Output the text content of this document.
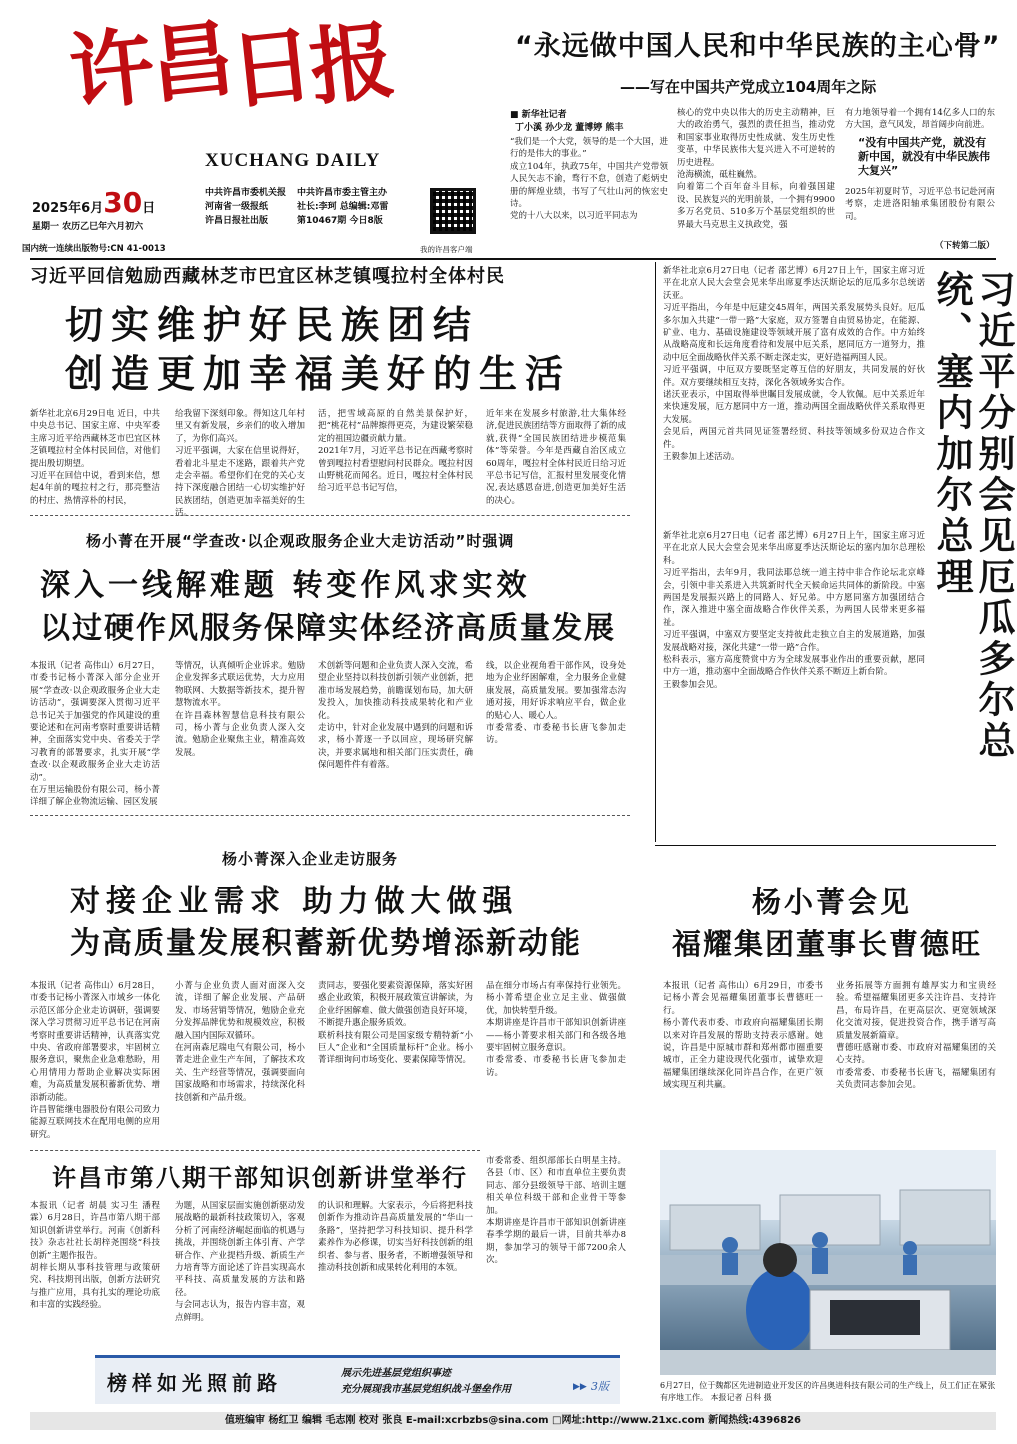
许
昌
日
报
XUCHANG DAILY
2025年6月30日
星期一 农历乙巳年六月初六
国内统一连续出版物号:CN 41-0013
中共许昌市委机关报
河南省一级报纸
许昌日报社出版
中共许昌市委主管主办
社长:李珂 总编辑:邓雷
第10467期 今日8版
我的许昌客户端
“永远做中国人民和中华民族的主心骨”
——写在中国共产党成立104周年之际
■ 新华社记者
丁小溪 孙少龙 董博婷 熊丰
“我们是一个大党，领导的是一个大国，进行的是伟大的事业。”
成立104年，执政75年，中国共产党带领人民矢志不渝，骛行不怠，创造了彪炳史册的辉煌业绩，书写了气壮山河的恢宏史诗。
党的十八大以来，以习近平同志为
核心的党中央以伟大的历史主动精神，巨大的政治勇气，强烈的责任担当，推动党和国家事业取得历史性成就、发生历史性变革，中华民族伟大复兴进入不可逆转的历史进程。
沧海横流，砥柱巍然。
向着第二个百年奋斗目标，向着强国建设、民族复兴的光明前景，一个拥有9900多万名党员、510多万个基层党组织的世界最大马克思主义执政党，强
有力地领导着一个拥有14亿多人口的东方大国，意气风发，昂首阔步向前进。
“没有中国共产党，就没有新中国，就没有中华民族伟大复兴”
2025年初夏时节，习近平总书记赴河南考察，走进洛阳轴承集团股份有限公司。
（下转第二版）
习近平回信勉励西藏林芝市巴宜区林芝镇嘎拉村全体村民
切实维护好民族团结
创造更加幸福美好的生活
新华社北京6月29日电 近日，中共中央总书记、国家主席、中央军委主席习近平给西藏林芝市巴宜区林芝镇嘎拉村全体村民回信，对他们提出殷切期望。
习近平在回信中说，看到来信，想起4年前的嘎拉村之行，那亮整洁的村庄、热情淳朴的村民，
给我留下深刻印象。得知这几年村里又有新发展，乡亲们的收入增加了，为你们高兴。
习近平强调，大家在信里说得好，看着北斗星走不迷路，跟着共产党走会幸福。希望你们在党的关心支持下深度融合团结一心切实维护好民族团结，创造更加幸福美好的生活。
活，把雪域高原的自然美景保护好，把“桃花村”品牌擦得更亮，为建设繁荣稳定的祖国边疆贡献力量。
2021年7月，习近平总书记在西藏考察时曾到嘎拉村看望慰问村民群众。嘎拉村因山野桃花而闻名。近日，嘎拉村全体村民给习近平总书记写信，
近年来在发展乡村旅游,壮大集体经济,促进民族团结等方面取得了新的成就,获得“全国民族团结进步模范集体”等荣誉。今年是西藏自治区成立60周年，嘎拉村全体村民近日给习近平总书记写信，汇报村里发展变化情况,表达感恩奋进,创造更加美好生活的决心。
杨小菁在开展“学查改·以企观政服务企业大走访活动”时强调
深入一线解难题 转变作风求实效
以过硬作风服务保障实体经济高质量发展
本报讯（记者 高伟山）6月27日，市委书记杨小菁深入部分企业开展“学查改·以企观政服务企业大走访活动”，强调要深入贯彻习近平总书记关于加强党的作风建设的重要论述和在河南考察时重要讲话精神，全面落实党中央、省委关于学习教育的部署要求，扎实开展“学查改·以企观政服务企业大走访活动”。
在万里运输股份有限公司，杨小菁详细了解企业物流运输、园区发展
等情况，认真倾听企业诉求。勉励企业发挥多式联运优势，大力应用物联网、大数据等新技术，提升智慧物流水平。
在许昌森林智慧信息科技有限公司，杨小菁与企业负责人深入交流。勉励企业聚焦主业，精准高效发展。
术创新等问题和企业负责人深入交流，希望企业坚持以科技创新引领产业创新，把准市场发展趋势，前瞻谋划布局，加大研发投入，加快推动科技成果转化和产业化。
走访中，针对企业发展中遇到的问题和诉求，杨小菁逐一予以回应，现场研究解决，并要求属地和相关部门压实责任，确保问题件件有着落。
线，以企业视角看干部作风，设身处地为企业纾困解难，全力服务企业健康发展，高质量发展。要加强常态沟通对接，用好诉求响应平台，做企业的贴心人、暖心人。
市委常委、市委秘书长唐飞参加走访。
新华社北京6月27日电（记者 邵艺博）6月27日上午，国家主席习近平在北京人民大会堂会见来华出席夏季达沃斯论坛的厄瓜多尔总统诺沃亚。
习近平指出，今年是中厄建交45周年，两国关系发展势头良好。厄瓜多尔加入共建“一带一路”大家庭，双方签署自由贸易协定，在能源、矿业、电力、基础设施建设等领域开展了富有成效的合作。中方始终从战略高度和长远角度看待和发展中厄关系，愿同厄方一道努力，推动中厄全面战略伙伴关系不断走深走实，更好造福两国人民。
习近平强调，中厄双方要既坚定尊互信的好朋友，共同发展的好伙伴。双方要继续相互支持，深化各领域务实合作。
诺沃亚表示，中国取得举世瞩目发展成就，令人钦佩。厄中关系近年来快速发展，厄方愿同中方一道，推动两国全面战略伙伴关系取得更大发展。
会见后，两国元首共同见证签署经贸、科技等领域多份双边合作文件。
王毅参加上述活动。
新华社北京6月27日电（记者 邵艺博）6月27日上午，国家主席习近平在北京人民大会堂会见来华出席夏季达沃斯论坛的塞内加尔总理松科。
习近平指出，去年9月，我同法耶总统一道主持中非合作论坛北京峰会，引领中非关系进入共筑新时代全天候命运共同体的新阶段。中塞两国是发展振兴路上的同路人、好兄弟。中方愿同塞方加强团结合作，深入推进中塞全面战略合作伙伴关系，为两国人民带来更多福祉。
习近平强调，中塞双方要坚定支持彼此走独立自主的发展道路，加强发展战略对接，深化共建“一带一路”合作。
松科表示，塞方高度赞赏中方为全球发展事业作出的重要贡献，愿同中方一道，推动塞中全面战略合作伙伴关系不断迈上新台阶。
王毅参加会见。	习近平分别会见厄瓜多尔总统、塞内加尔总理
杨小菁深入企业走访服务
对接企业需求 助力做大做强
为高质量发展积蓄新优势增添新动能
本报讯（记者 高伟山）6月28日，市委书记杨小菁深入市域乡一体化示范区部分企业走访调研，强调要深入学习贯彻习近平总书记在河南考察时重要讲话精神，认真落实党中央、省政府部署要求，牢固树立服务意识，聚焦企业急难愁盼，用心用情用力帮助企业解决实际困难，为高质量发展积蓄新优势、增添新动能。
许昌智能继电器股份有限公司致力能源互联网技术在配用电侧的应用研究。
小菁与企业负责人面对面深入交流，详细了解企业发展、产品研发、市场营销等情况，勉励企业充分发挥品牌优势和规模效应，积极融入国内国际双循环。
在河南森尼瑞电气有限公司，杨小菁走进企业生产车间，了解技术攻关、生产经营等情况，强调要面向国家战略和市场需求，持续深化科技创新和产品升级。
责同志，要强化要素资源保障，落实好困惑企业政策，积极开展政策宣讲解读，为企业纾困解难、做大做强创造良好环境，不断提升惠企服务质效。
联析科技有限公司是国家级专精特新“小巨人”企业和“全国质量标杆”企业。杨小菁详细询问市场变化、要素保障等情况。
品在细分市场占有率保持行业领先。杨小菁希望企业立足主业、做强做优，加快转型升级。
本期讲座是许昌市干部知识创新讲座——杨小菁要求相关部门和各级各地要牢固树立服务意识。
市委常委、市委秘书长唐飞参加走访。
杨小菁会见
福耀集团董事长曹德旺
本报讯（记者 高伟山）6月29日，市委书记杨小菁会见福耀集团董事长曹德旺一行。
杨小菁代表市委、市政府向福耀集团长期以来对许昌发展的帮助支持表示感谢。她说，许昌是中原城市群和郑州都市圈重要城市，正全力建设现代化强市，诚挚欢迎福耀集团继续深化同许昌合作，在更广领域实现互利共赢。
业务拓展等方面拥有雄厚实力和宝贵经验。希望福耀集团更多关注许昌、支持许昌，布局许昌，在更高层次、更宽领域深化交流对接，促进投资合作，携手谱写高质量发展新篇章。
曹德旺感谢市委、市政府对福耀集团的关心支持。
市委常委、市委秘书长唐飞，福耀集团有关负责同志参加会见。
许昌市第八期干部知识创新讲堂举行
本报讯（记者 胡晨 实习生 潘程霖）6月28日，许昌市第八期干部知识创新讲堂举行。河南《创新科技》杂志社社长胡梓尧围绕“科技创新”主题作报告。
胡梓长期从事科技管理与政策研究、科技期刊出版，创新方法研究与推广应用，具有扎实的理论功底和丰富的实践经验。
为题，从国家层面实施创新驱动发展战略的最新科技政策切入，客观分析了河南经济崛起面临的机遇与挑战，并围绕创新主体引育、产学研合作、产业提档升级、新质生产力培育等方面论述了许昌实现高水平科技、高质量发展的方法和路径。
与会同志认为，报告内容丰富，观点鲜明。
的认识和理解。大家表示，今后将把科技创新作为推动许昌高质量发展的“华山一条路”，坚持把学习科技知识、提升科学素养作为必修课，切实当好科技创新的组织者、参与者、服务者，不断增强领导和推动科技创新和成果转化利用的本领。
市委常委、组织部部长白明星主持。各县（市、区）和市直单位主要负责同志、部分县级领导干部、培训主题相关单位科级干部和企业骨干等参加。
本期讲座是许昌市干部知识创新讲座春季学期的最后一讲，目前共举办8期，参加学习的领导干部7200余人次。
6月27日，位于魏都区先进制造业开发区的许昌奥进科技有限公司的生产线上，员工们正在紧张有序地工作。 本报记者 吕科 摄
榜样如光照前路	展示先进基层党组织事迹
充分展现我市基层党组织战斗堡垒作用	▶▶ 3版
值班编审 杨红卫 编辑 毛志刚 校对 张良 E-mail:xcrbzbs@sina.com □网址:http://www.21xc.com 新闻热线:4396826
